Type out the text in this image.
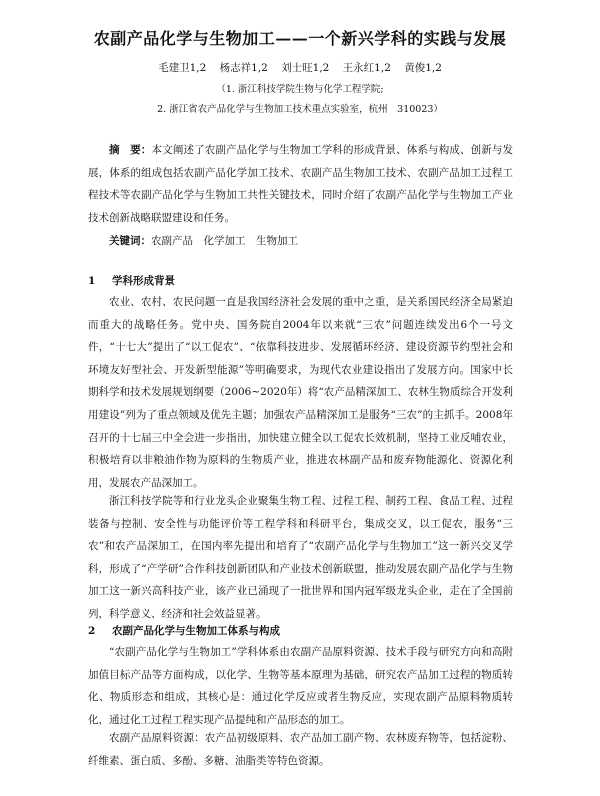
农副产品化学与生物加工——一个新兴学科的实践与发展
毛建卫1,2 杨志祥1,2 刘士旺1,2 王永红1,2 黄俊1,2
（1. 浙江科技学院生物与化学工程学院;
2. 浙江省农产品化学与生物加工技术重点实验室，杭州　310023）

摘　要：本文阐述了农副产品化学与生物加工学科的形成背景、体系与构成、创新与发展，体系的组成包括农副产品化学加工技术、农副产品生物加工技术、农副产品加工过程工程技术等农副产品化学与生物加工共性关键技术，同时介绍了农副产品化学与生物加工产业技术创新战略联盟建设和任务。

关键词：农副产品　化学加工　生物加工

1 学科形成背景

农业、农村、农民问题一直是我国经济社会发展的重中之重，是关系国民经济全局紧迫而重大的战略任务。党中央、国务院自2004年以来就“三农”问题连续发出6个一号文件，“十七大”提出了“以工促农”、“依靠科技进步、发展循环经济、建设资源节约型社会和环境友好型社会、开发新型能源”等明确要求，为现代农业建设指出了发展方向。国家中长期科学和技术发展规划纲要（2006~2020年）将“农产品精深加工、农林生物质综合开发利用建设”列为了重点领域及优先主题；加强农产品精深加工是服务“三农”的主抓手。2008年召开的十七届三中全会进一步指出，加快建立健全以工促农长效机制，坚持工业反哺农业，积极培育以非粮油作物为原料的生物质产业，推进农林副产品和废弃物能源化、资源化利用，发展农产品深加工。

浙江科技学院等和行业龙头企业聚集生物工程、过程工程、制药工程、食品工程、过程装备与控制、安全性与功能评价等工程学科和科研平台，集成交叉，以工促农，服务“三农”和农产品深加工，在国内率先提出和培育了“农副产品化学与生物加工”这一新兴交叉学科，形成了“产学研”合作科技创新团队和产业技术创新联盟，推动发展农副产品化学与生物加工这一新兴高科技产业，该产业已涌现了一批世界和国内冠军级龙头企业，走在了全国前列，科学意义、经济和社会效益显著。

2 农副产品化学与生物加工体系与构成

“农副产品化学与生物加工”学科体系由农副产品原料资源、技术手段与研究方向和高附加值目标产品等方面构成，以化学、生物等基本原理为基础，研究农产品加工过程的物质转化、物质形态和组成，其核心是：通过化学反应或者生物反应，实现农副产品原料物质转化，通过化工过程工程实现产品提纯和产品形态的加工。

农副产品原料资源：农产品初级原料、农产品加工副产物、农林废弃物等，包括淀粉、纤维素、蛋白质、多酚、多糖、油脂类等特色资源。
